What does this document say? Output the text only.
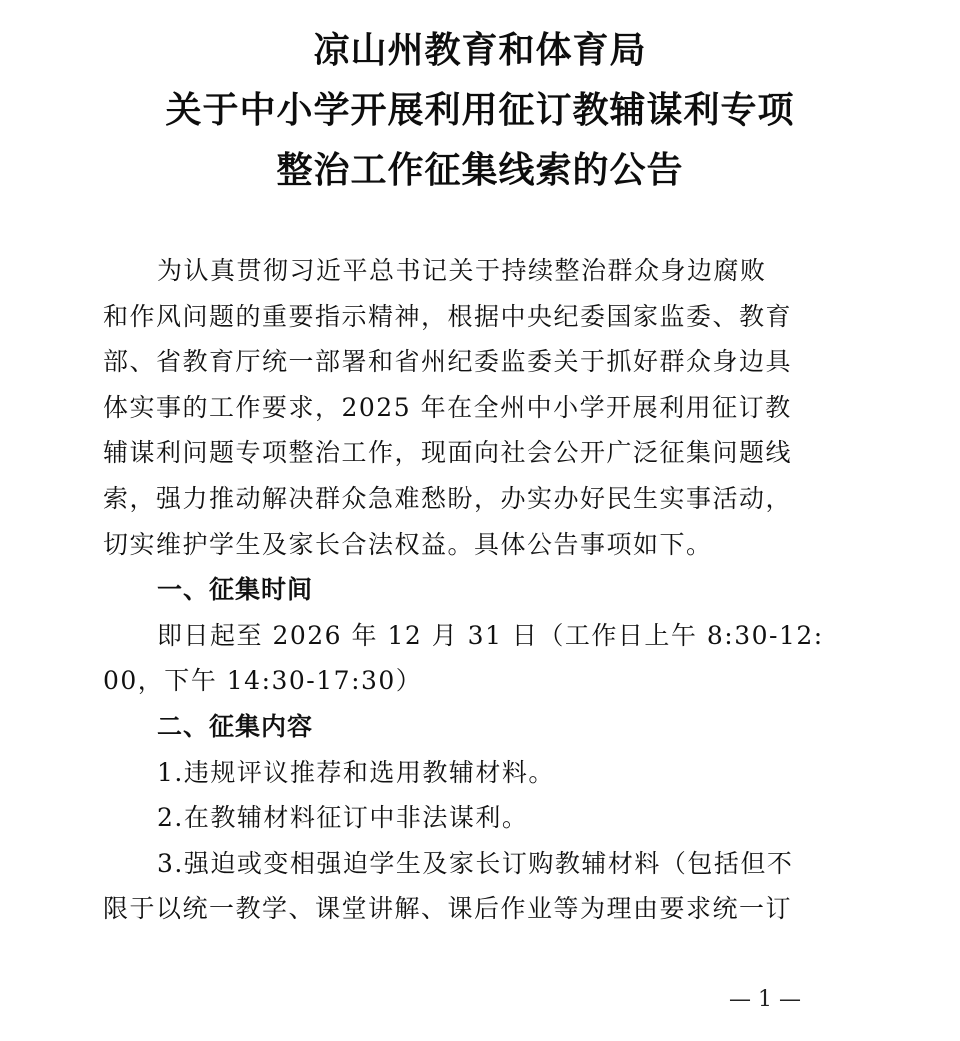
凉山州教育和体育局
关于中小学开展利用征订教辅谋利专项
整治工作征集线索的公告

为认真贯彻习近平总书记关于持续整治群众身边腐败

和作风问题的重要指示精神，根据中央纪委国家监委、教育

部、省教育厅统一部署和省州纪委监委关于抓好群众身边具

体实事的工作要求，2025 年在全州中小学开展利用征订教

辅谋利问题专项整治工作，现面向社会公开广泛征集问题线

索，强力推动解决群众急难愁盼，办实办好民生实事活动，

切实维护学生及家长合法权益。具体公告事项如下。

一、征集时间

即日起至 2026 年 12 月 31 日（工作日上午 8:30-12:

00，下午 14:30-17:30）

二、征集内容

1.违规评议推荐和选用教辅材料。

2.在教辅材料征订中非法谋利。

3.强迫或变相强迫学生及家长订购教辅材料（包括但不

限于以统一教学、课堂讲解、课后作业等为理由要求统一订

— 1 —
